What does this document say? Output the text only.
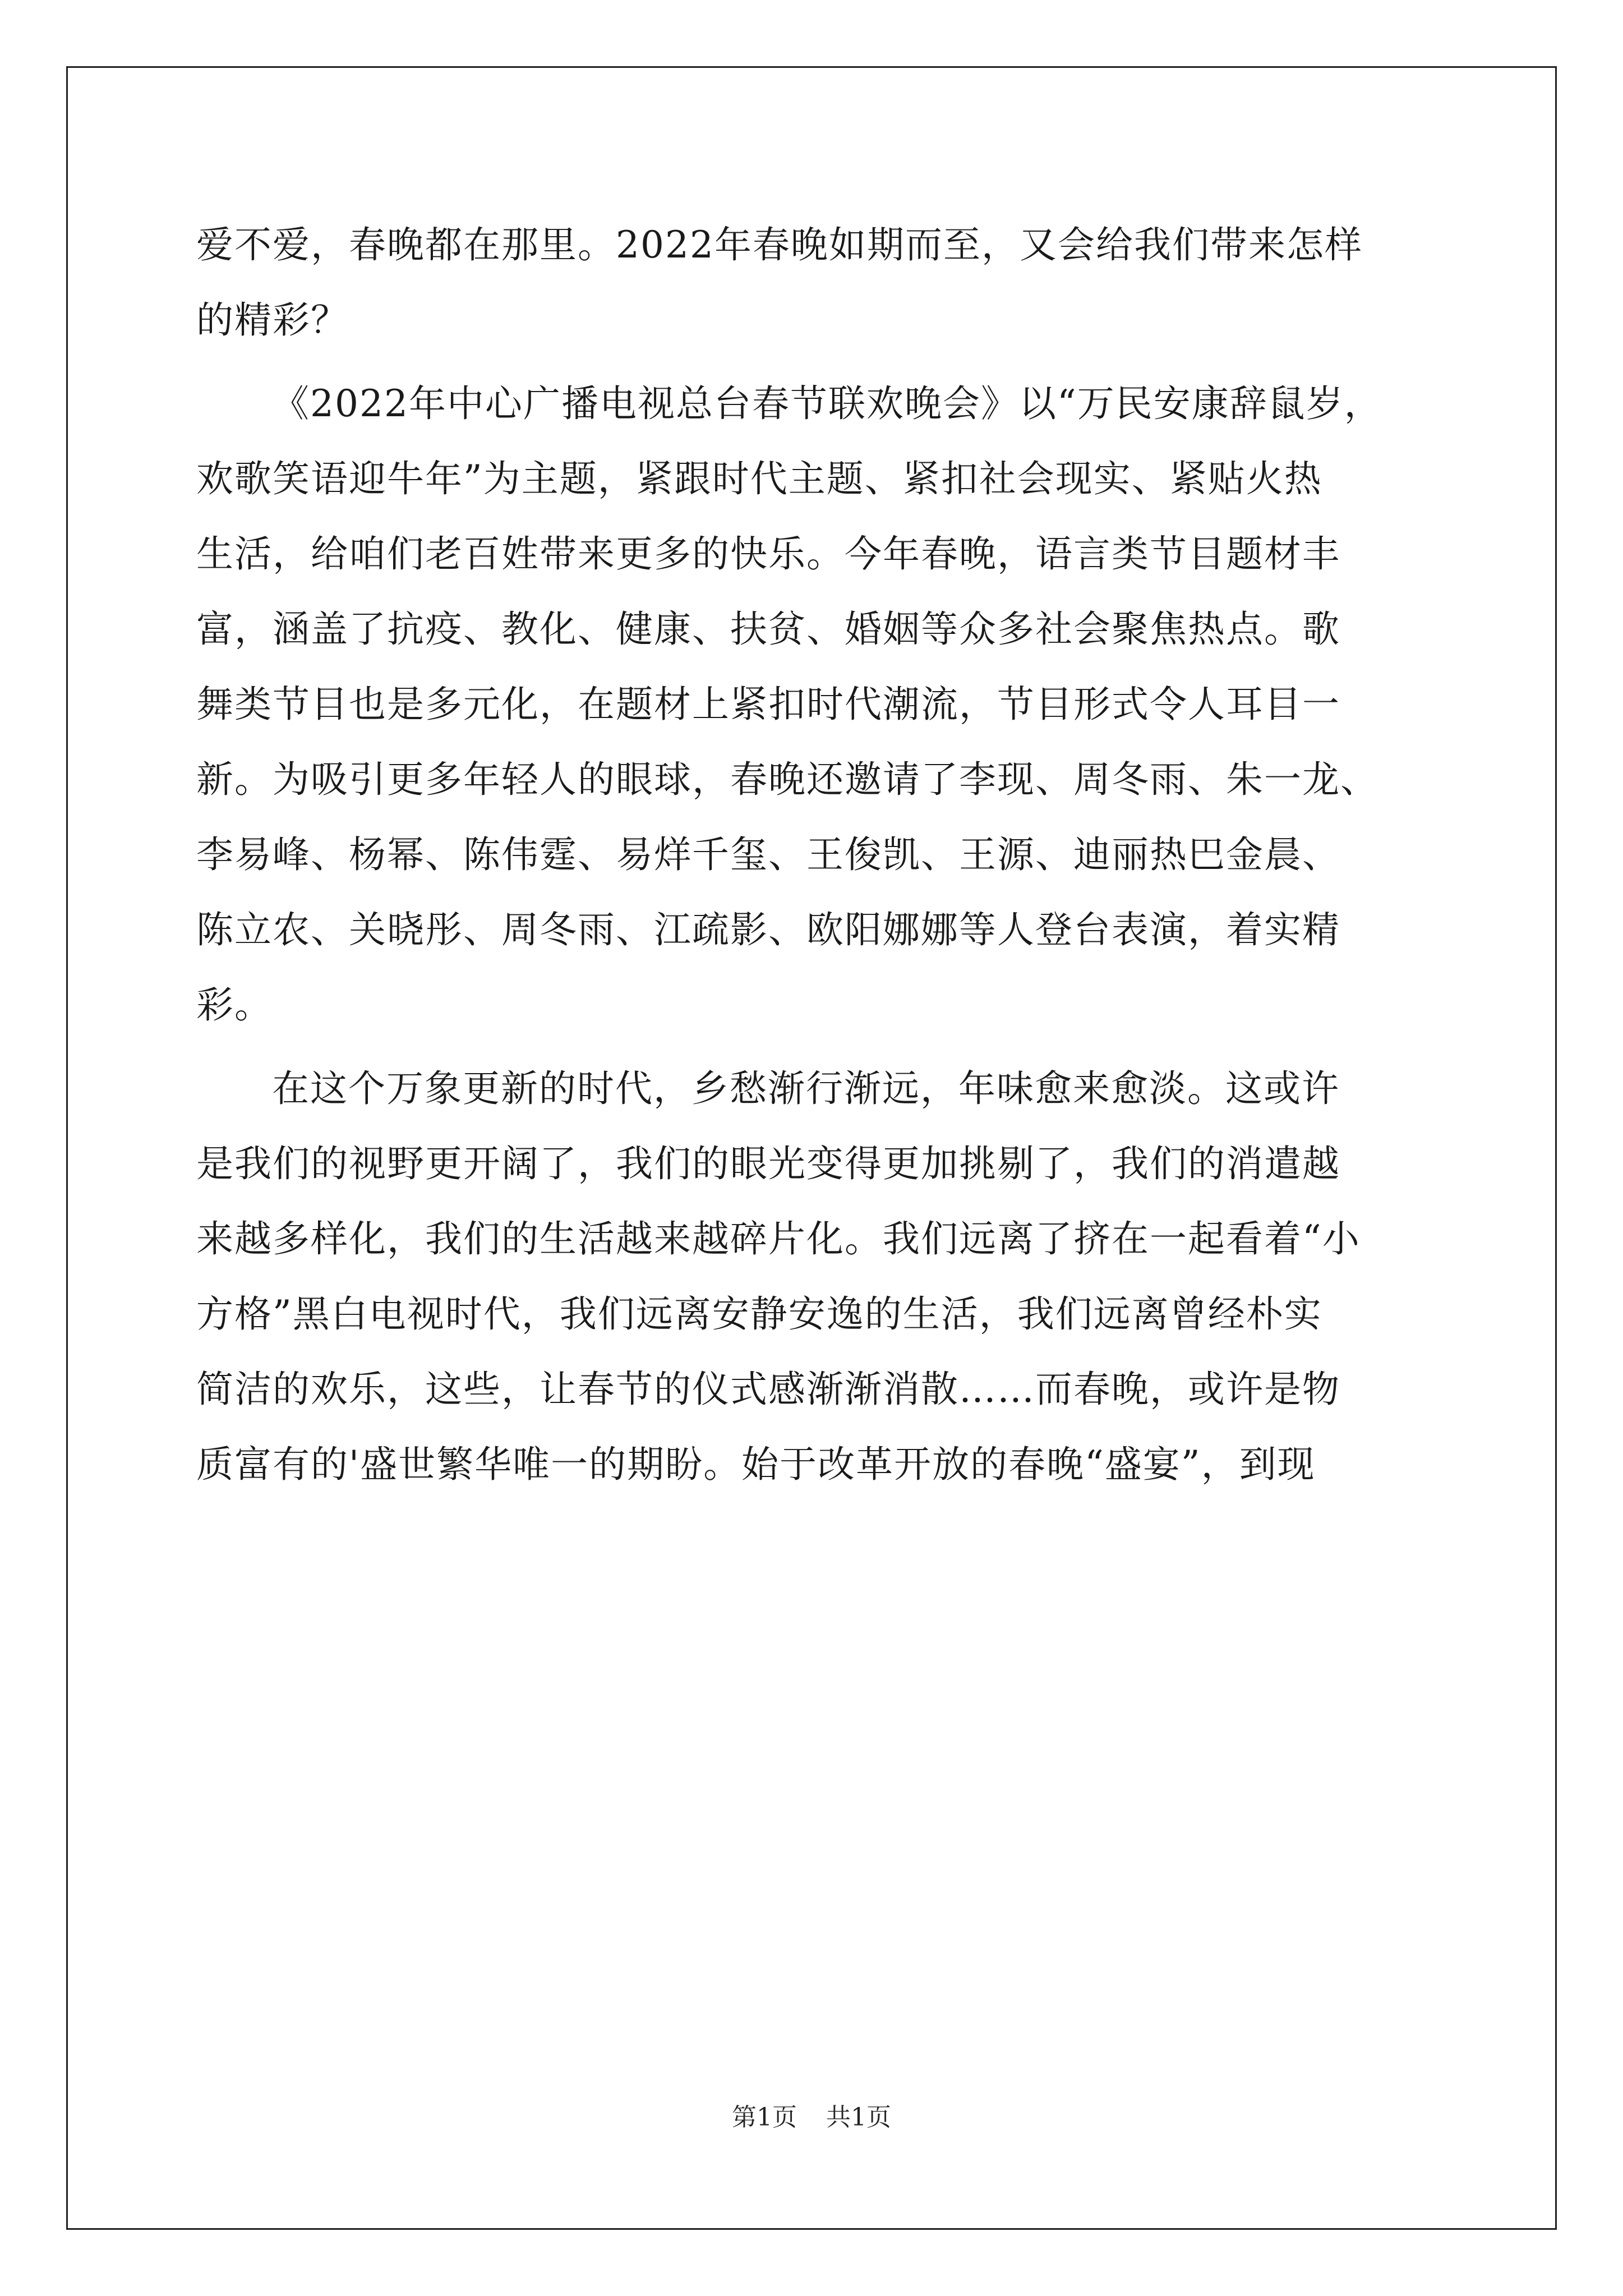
爱不爱，春晚都在那里。2022年春晚如期而至，又会给我们带来怎样
的精彩？

《2022年中心广播电视总台春节联欢晚会》以“万民安康辞鼠岁，
欢歌笑语迎牛年”为主题，紧跟时代主题、紧扣社会现实、紧贴火热
生活，给咱们老百姓带来更多的快乐。今年春晚，语言类节目题材丰
富，涵盖了抗疫、教化、健康、扶贫、婚姻等众多社会聚焦热点。歌
舞类节目也是多元化，在题材上紧扣时代潮流，节目形式令人耳目一
新。为吸引更多年轻人的眼球，春晚还邀请了李现、周冬雨、朱一龙、
李易峰、杨幂、陈伟霆、易烊千玺、王俊凯、王源、迪丽热巴金晨、
陈立农、关晓彤、周冬雨、江疏影、欧阳娜娜等人登台表演，着实精
彩。

在这个万象更新的时代，乡愁渐行渐远，年味愈来愈淡。这或许
是我们的视野更开阔了，我们的眼光变得更加挑剔了，我们的消遣越
来越多样化，我们的生活越来越碎片化。我们远离了挤在一起看着“小
方格”黑白电视时代，我们远离安静安逸的生活，我们远离曾经朴实
简洁的欢乐，这些，让春节的仪式感渐渐消散……而春晚，或许是物
质富有的'盛世繁华唯一的期盼。始于改革开放的春晚“盛宴”，到现

第1页 共1页
